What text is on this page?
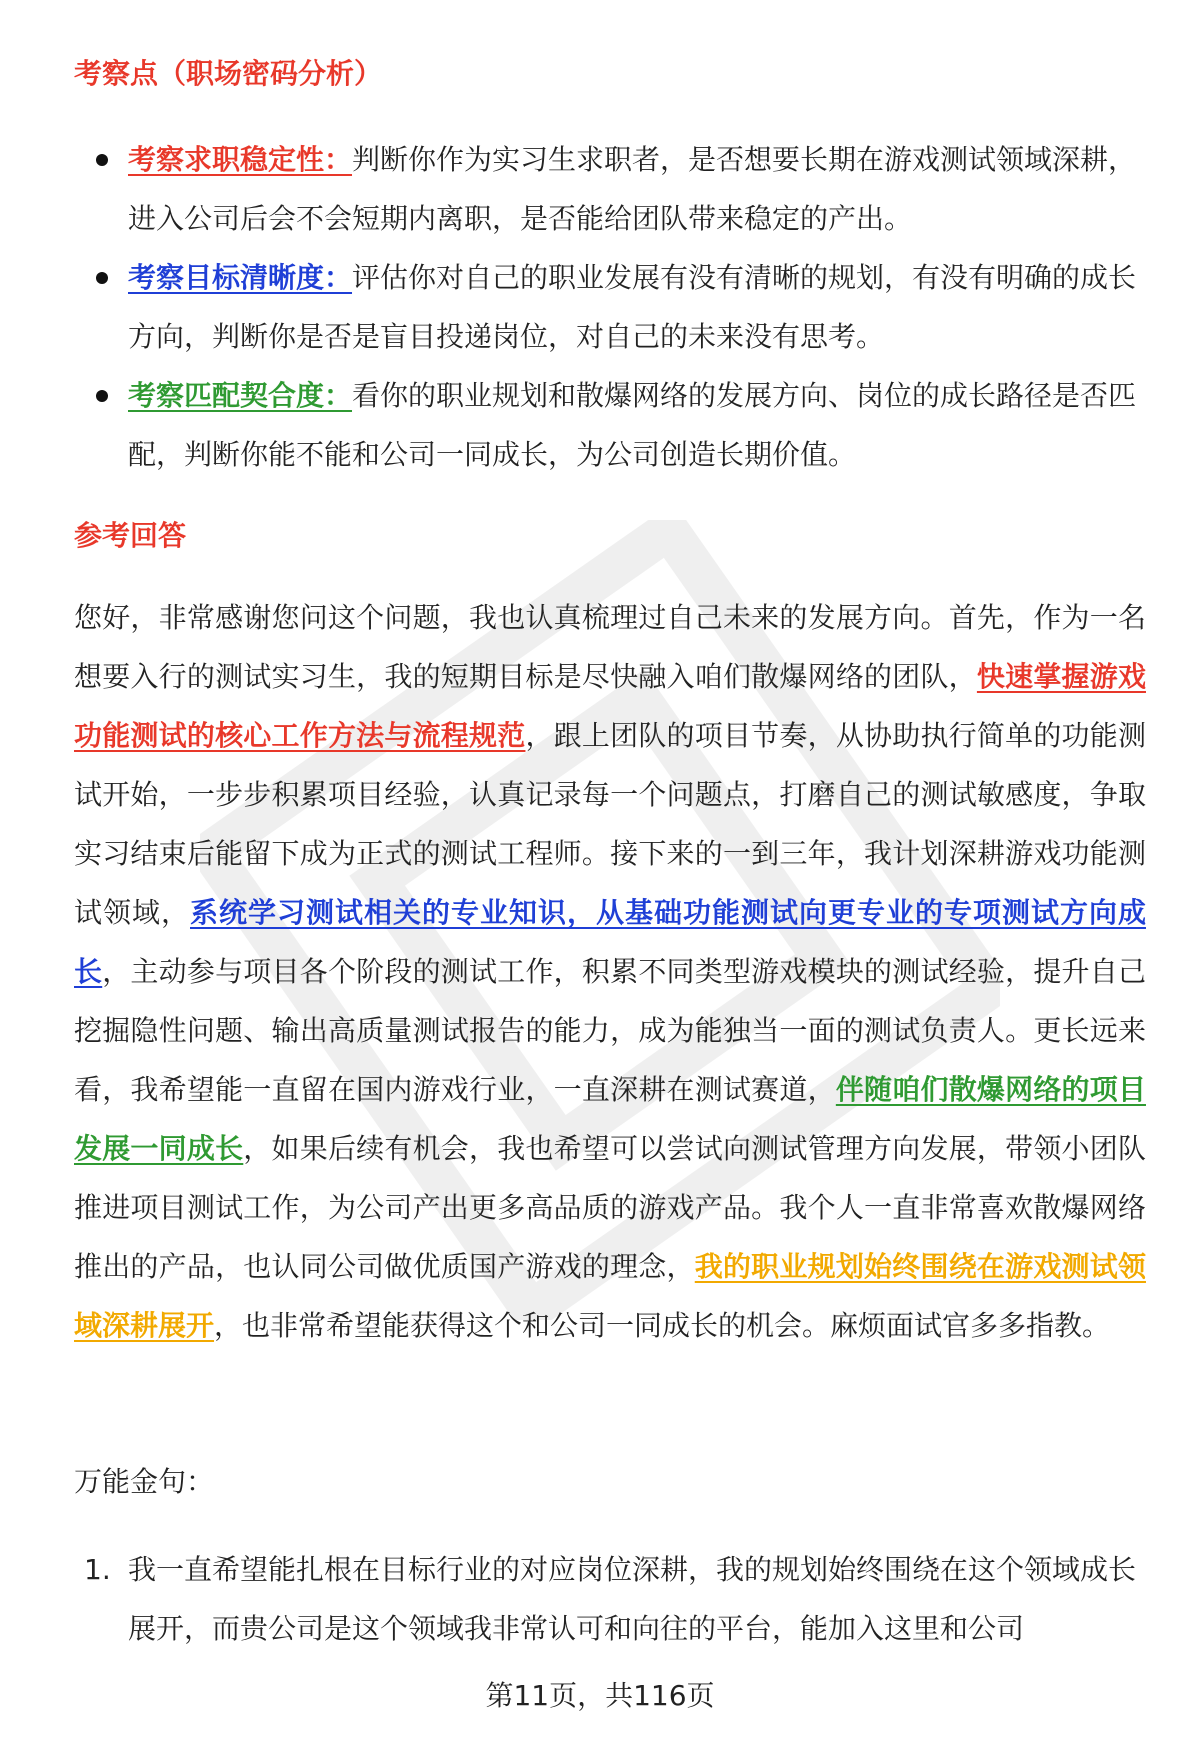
考察点（职场密码分析）
考察求职稳定性：判断你作为实习生求职者，是否想要长期在游戏测试领域深耕，进入公司后会不会短期内离职，是否能给团队带来稳定的产出。
考察目标清晰度：评估你对自己的职业发展有没有清晰的规划，有没有明确的成长方向，判断你是否是盲目投递岗位，对自己的未来没有思考。
考察匹配契合度：看你的职业规划和散爆网络的发展方向、岗位的成长路径是否匹配，判断你能不能和公司一同成长，为公司创造长期价值。
参考回答

您好，非常感谢您问这个问题，我也认真梳理过自己未来的发展方向。首先，作为一名想要入行的测试实习生，我的短期目标是尽快融入咱们散爆网络的团队，快速掌握游戏功能测试的核心工作方法与流程规范，跟上团队的项目节奏，从协助执行简单的功能测试开始，一步步积累项目经验，认真记录每一个问题点，打磨自己的测试敏感度，争取实习结束后能留下成为正式的测试工程师。接下来的一到三年，我计划深耕游戏功能测试领域，系统学习测试相关的专业知识，从基础功能测试向更专业的专项测试方向成长，主动参与项目各个阶段的测试工作，积累不同类型游戏模块的测试经验，提升自己挖掘隐性问题、输出高质量测试报告的能力，成为能独当一面的测试负责人。更长远来看，我希望能一直留在国内游戏行业，一直深耕在测试赛道，伴随咱们散爆网络的项目发展一同成长，如果后续有机会，我也希望可以尝试向测试管理方向发展，带领小团队推进项目测试工作，为公司产出更多高品质的游戏产品。我个人一直非常喜欢散爆网络推出的产品，也认同公司做优质国产游戏的理念，我的职业规划始终围绕在游戏测试领域深耕展开，也非常希望能获得这个和公司一同成长的机会。麻烦面试官多多指教。

万能金句：

1. 我一直希望能扎根在目标行业的对应岗位深耕，我的规划始终围绕在这个领域成长展开，而贵公司是这个领域我非常认可和向往的平台，能加入这里和公司
第11页，共116页
